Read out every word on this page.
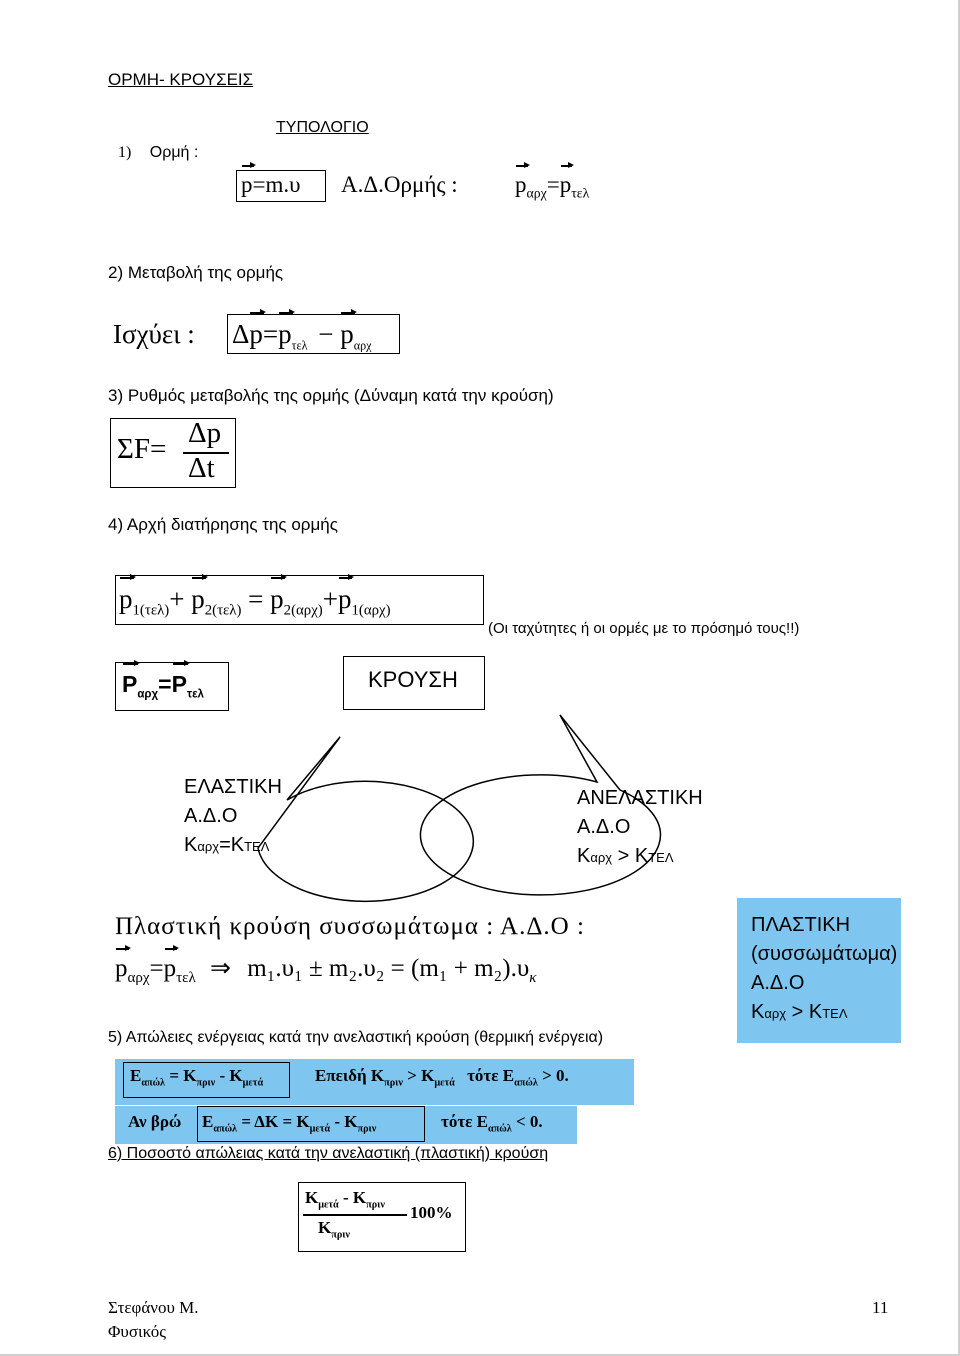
ΟΡΜΗ- ΚΡΟΥΣΕΙΣ
ΤΥΠΟΛΟΓΙΟ
1) Ορμή :
p=m.υ Α.Δ.Ορμής : $p_{\alpha\rho\chi}=p_{\tau\varepsilon\lambda}$
2) Μεταβολή της ορμής
Ισχύει : $\Delta p=p_{\tau\varepsilon\lambda} - p_{\alpha\rho\chi}$
3) Ρυθμός μεταβολής της ορμής (Δύναμη κατά την κρούση)
ΣF= Δp
Δt
4) Αρχή διατήρησης της ορμής
$p_{1(\tau\varepsilon\lambda)}+ p_{2(\tau\varepsilon\lambda)} = p_{2(\alpha\rho\chi)}+p_{1(\alpha\rho\chi)}$
(Οι ταχύτητες ή οι ορμές με το πρόσημό τους!!)
$P_{\alpha\rho\chi}=P_{\tau\varepsilon\lambda}$
ΚΡΟΥΣΗ
ΕΛΑΣΤΙΚΗ
Α.Δ.Ο
Καρχ=ΚΤΕΛ
ΑΝΕΛΑΣΤΙΚΗ
Α.Δ.Ο
Καρχ > ΚΤΕΛ
ΠΛΑΣΤΙΚΗ
(συσσωμάτωμα)
Α.Δ.Ο
Καρχ > ΚΤΕΛ
Πλαστική κρούση συσσωμάτωμα : Α.Δ.Ο :
$p_{\alpha\rho\chi}=p_{\tau\varepsilon\lambda}$ ⇒ $m_1.\upsilon_1 \pm m_2.\upsilon_2 = (m_1 + m_2).\upsilon_\kappa$
5) Απώλειες ενέργειας κατά την ανελαστική κρούση (θερμική ενέργεια)
$E_{\alpha\pi ώ\lambda} = K_{\pi\rho\iota\nu} - K_{\mu\varepsilon\tau ά}$	Επειδή $K_{\pi\rho\iota\nu} > K_{\mu\varepsilon\tau ά}$ τότε $E_{\alpha\pi ώ\lambda} > 0$.
Αν βρώ $E_{\alpha\pi ώ\lambda} = \Delta K = K_{\mu\varepsilon\tau ά} - K_{\pi\rho\iota\nu}$	τότε $E_{\alpha\pi ώ\lambda} < 0$.
6) Ποσοστό απώλειας κατά την ανελαστική (πλαστική) κρούση
$K_{\mu\varepsilon\tau ά} - K_{\pi\rho\iota\nu}$
$K_{\pi\rho\iota\nu}$
100%
Στεφάνου Μ.
Φυσικός
11
